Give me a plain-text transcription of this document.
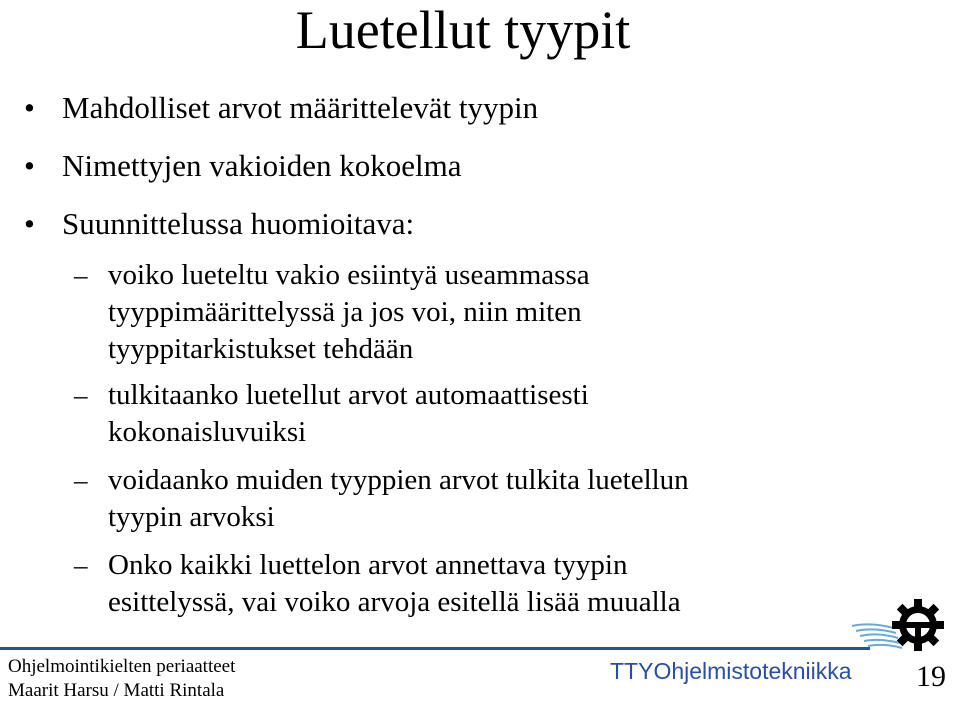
Luetellut tyypit
• Mahdolliset arvot määrittelevät tyypin
• Nimettyjen vakioiden kokoelma
• Suunnittelussa huomioitava:
– voiko lueteltu vakio esiintyä useammassa
tyyppimäärittelyssä ja jos voi, niin miten
tyyppitarkistukset tehdään
– tulkitaanko luetellut arvot automaattisesti
kokonaisluvuiksi
– voidaanko muiden tyyppien arvot tulkita luetellun
tyypin arvoksi
– Onko kaikki luettelon arvot annettava tyypin
esittelyssä, vai voiko arvoja esitellä lisää muualla
Ohjelmointikielten periaatteet
Maarit Harsu / Matti Rintala
TTYOhjelmistotekniikka 19
